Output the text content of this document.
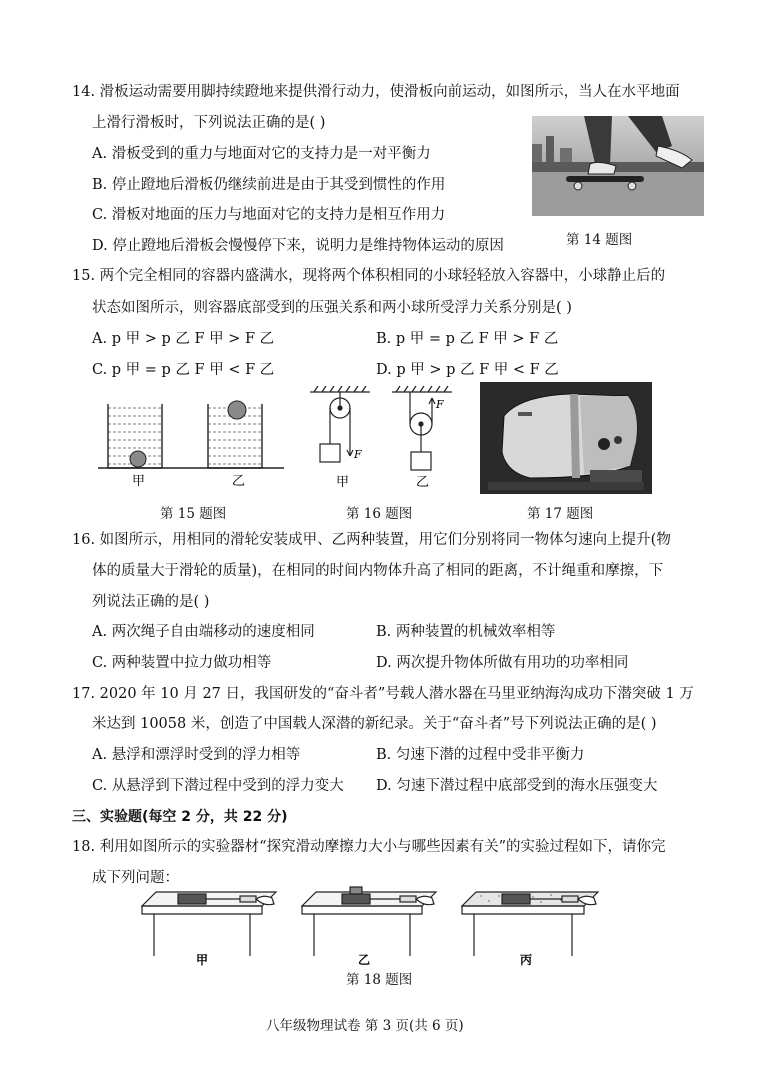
14. 滑板运动需要用脚持续蹬地来提供滑行动力，使滑板向前运动，如图所示，当人在水平地面
上滑行滑板时，下列说法正确的是( )
A. 滑板受到的重力与地面对它的支持力是一对平衡力
B. 停止蹬地后滑板仍继续前进是由于其受到惯性的作用
C. 滑板对地面的压力与地面对它的支持力是相互作用力
D. 停止蹬地后滑板会慢慢停下来，说明力是维持物体运动的原因	第 14 题图
15. 两个完全相同的容器内盛满水，现将两个体积相同的小球轻轻放入容器中，小球静止后的
状态如图所示，则容器底部受到的压强关系和两小球所受浮力关系分别是( )
A. p 甲 > p 乙 F 甲 > F 乙	B. p 甲 = p 乙 F 甲 > F 乙
C. p 甲 = p 乙 F 甲 < F 乙	D. p 甲 > p 乙 F 甲 < F 乙
甲	乙
第 15 题图
F
甲
F
乙
第 16 题图	第 17 题图
16. 如图所示，用相同的滑轮安装成甲、乙两种装置，用它们分别将同一物体匀速向上提升(物
体的质量大于滑轮的质量)，在相同的时间内物体升高了相同的距离，不计绳重和摩擦，下
列说法正确的是( )
A. 两次绳子自由端移动的速度相同	B. 两种装置的机械效率相等
C. 两种装置中拉力做功相等	D. 两次提升物体所做有用功的功率相同
17. 2020 年 10 月 27 日，我国研发的“奋斗者”号载人潜水器在马里亚纳海沟成功下潜突破 1 万
米达到 10058 米，创造了中国载人深潜的新纪录。关于“奋斗者”号下列说法正确的是( )
A. 悬浮和漂浮时受到的浮力相等	B. 匀速下潜的过程中受非平衡力
C. 从悬浮到下潜过程中受到的浮力变大 D. 匀速下潜过程中底部受到的海水压强变大
三、实验题(每空 2 分，共 22 分)
18. 利用如图所示的实验器材“探究滑动摩擦力大小与哪些因素有关”的实验过程如下，请你完
成下列问题：
甲	乙	丙
第 18 题图
八年级物理试卷 第 3 页(共 6 页)
